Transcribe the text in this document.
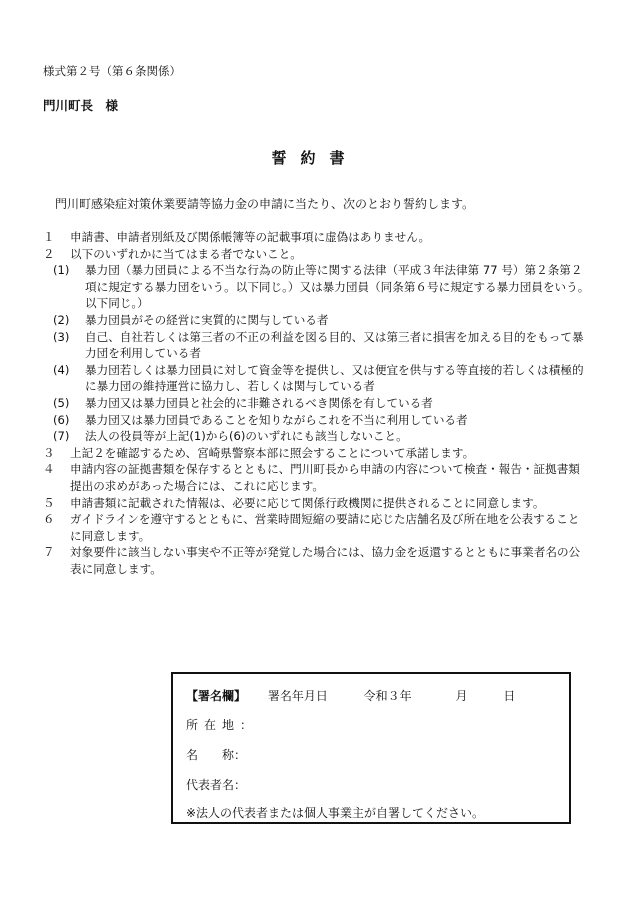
様式第２号（第６条関係）
門川町長　様
誓約書
　門川町感染症対策休業要請等協力金の申請に当たり、次のとおり誓約します。
１	申請書、申請者別紙及び関係帳簿等の記載事項に虚偽はありません。
２	以下のいずれかに当てはまる者でないこと。
(1)	暴力団（暴力団員による不当な行為の防止等に関する法律（平成３年法律第 77 号）第２条第２項に規定する暴力団をいう。以下同じ。）又は暴力団員（同条第６号に規定する暴力団員をいう。以下同じ。）
(2)	暴力団員がその経営に実質的に関与している者
(3)	自己、自社若しくは第三者の不正の利益を図る目的、又は第三者に損害を加える目的をもって暴力団を利用している者
(4)	暴力団若しくは暴力団員に対して資金等を提供し、又は便宜を供与する等直接的若しくは積極的に暴力団の維持運営に協力し、若しくは関与している者
(5)	暴力団又は暴力団員と社会的に非難されるべき関係を有している者
(6)	暴力団又は暴力団員であることを知りながらこれを不当に利用している者
(7)	法人の役員等が上記(1)から(6)のいずれにも該当しないこと。
３	上記２を確認するため、宮崎県警察本部に照会することについて承諾します。
４	申請内容の証拠書類を保存するとともに、門川町長から申請の内容について検査・報告・証拠書類提出の求めがあった場合には、これに応じます。
５	申請書類に記載された情報は、必要に応じて関係行政機関に提供されることに同意します。
６	ガイドラインを遵守するとともに、営業時間短縮の要請に応じた店舗名及び所在地を公表することに同意します。
７	対象要件に該当しない事実や不正等が発覚した場合には、協力金を返還するとともに事業者名の公表に同意します。
【署名欄】 署名年月日	令和３年	月	日
所在地：
名　　称：
代表者名：
※法人の代表者または個人事業主が自署してください。
